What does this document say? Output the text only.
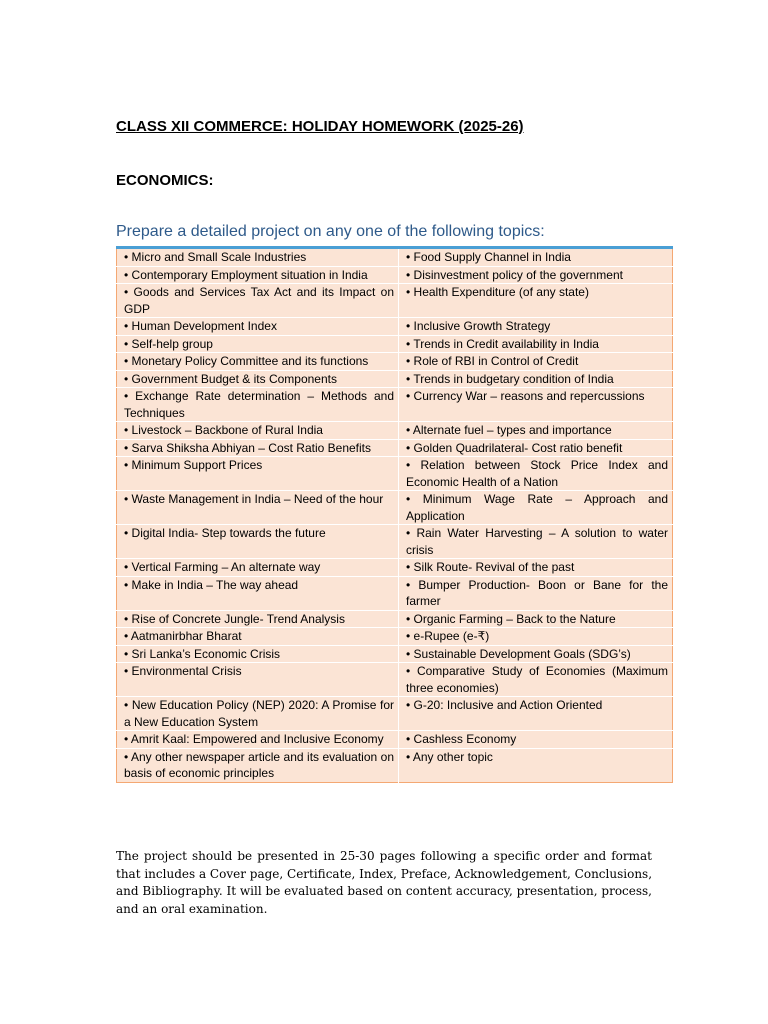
CLASS XII COMMERCE: HOLIDAY HOMEWORK (2025-26)
ECONOMICS:
Prepare a detailed project on any one of the following topics:
• Micro and Small Scale Industries	• Food Supply Channel in India
• Contemporary Employment situation in India	• Disinvestment policy of the government
• Goods and Services Tax Act and its Impact on GDP	• Health Expenditure (of any state)
• Human Development Index	• Inclusive Growth Strategy
• Self-help group	• Trends in Credit availability in India
• Monetary Policy Committee and its functions	• Role of RBI in Control of Credit
• Government Budget & its Components	• Trends in budgetary condition of India
• Exchange Rate determination – Methods and Techniques	• Currency War – reasons and repercussions
• Livestock – Backbone of Rural India	• Alternate fuel – types and importance
• Sarva Shiksha Abhiyan – Cost Ratio Benefits	• Golden Quadrilateral- Cost ratio benefit
• Minimum Support Prices	• Relation between Stock Price Index and Economic Health of a Nation
• Waste Management in India – Need of the hour	• Minimum Wage Rate – Approach and Application
• Digital India- Step towards the future	• Rain Water Harvesting – A solution to water crisis
• Vertical Farming – An alternate way	• Silk Route- Revival of the past
• Make in India – The way ahead	• Bumper Production- Boon or Bane for the farmer
• Rise of Concrete Jungle- Trend Analysis	• Organic Farming – Back to the Nature
• Aatmanirbhar Bharat	• e-Rupee (e-₹)
• Sri Lanka’s Economic Crisis	• Sustainable Development Goals (SDG’s)
• Environmental Crisis	• Comparative Study of Economies (Maximum three economies)
• New Education Policy (NEP) 2020: A Promise for a New Education System	• G-20: Inclusive and Action Oriented
• Amrit Kaal: Empowered and Inclusive Economy	• Cashless Economy
• Any other newspaper article and its evaluation on basis of economic principles	• Any other topic

The project should be presented in 25-30 pages following a specific order and format that includes a Cover page, Certificate, Index, Preface, Acknowledgement, Conclusions, and Bibliography. It will be evaluated based on content accuracy, presentation, process, and an oral examination.
